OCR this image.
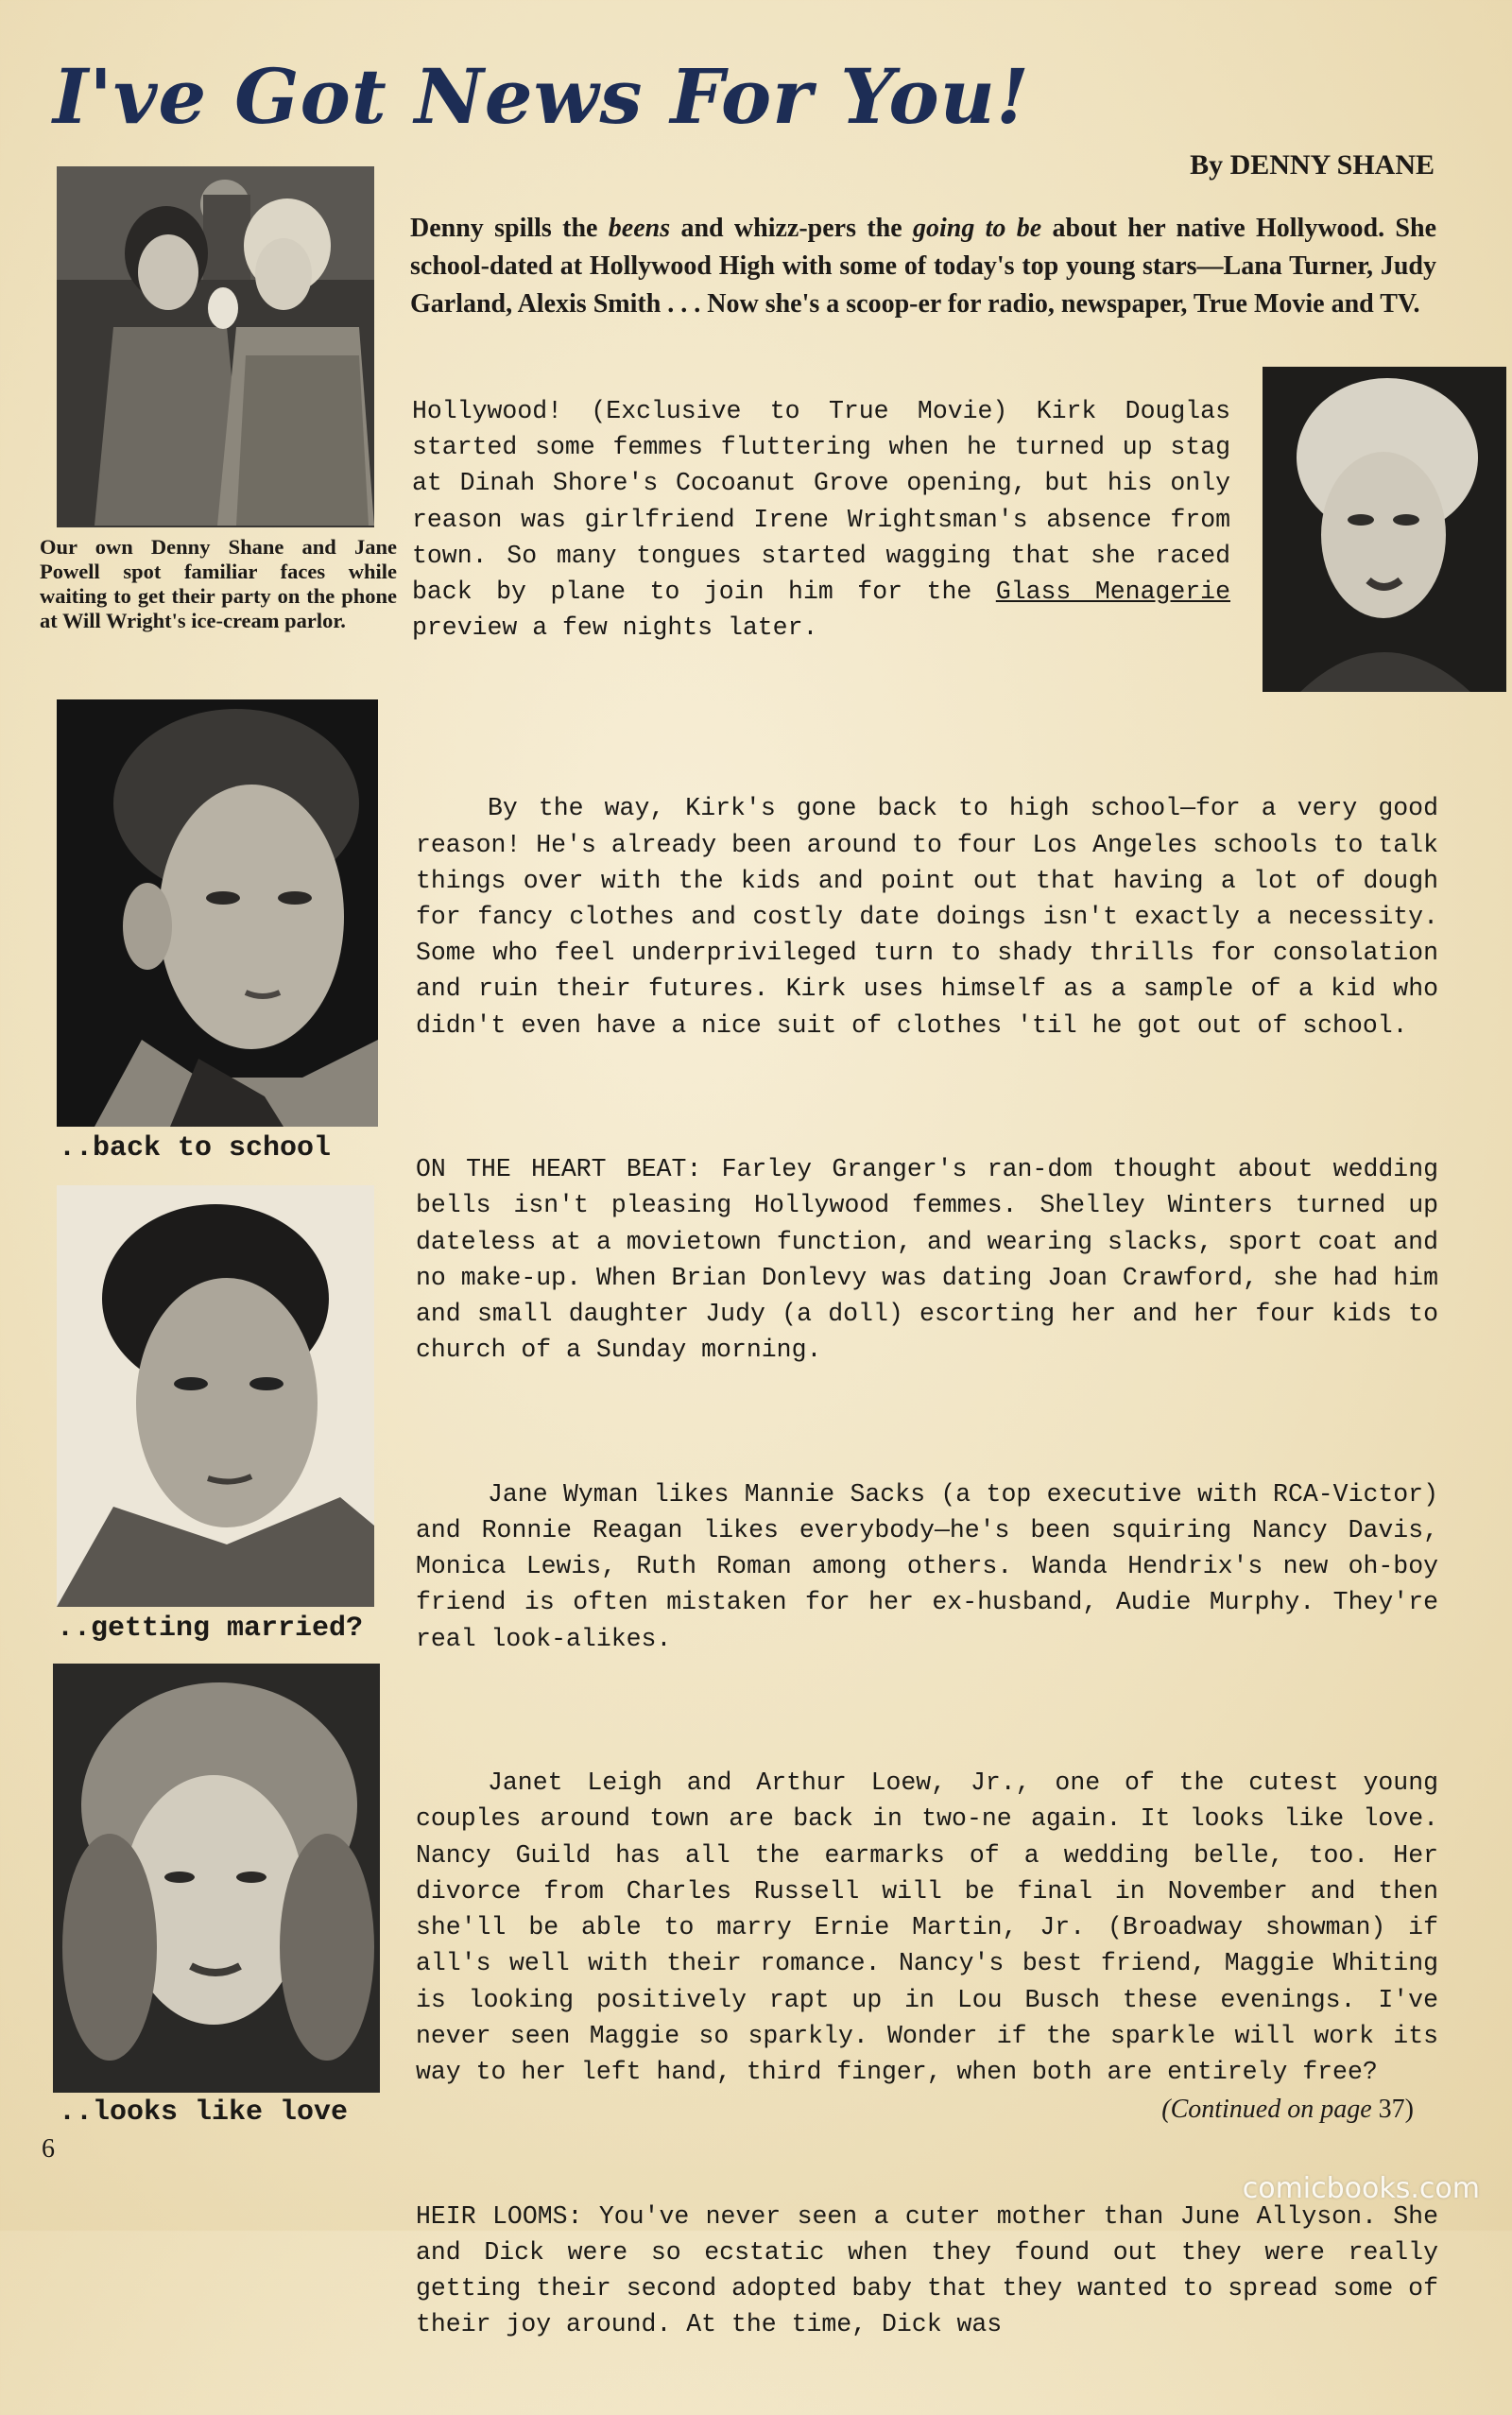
I've Got News For You!
By DENNY SHANE

Our own Denny Shane and Jane Powell spot familiar faces while waiting to get their party on the phone at Will Wright's ice-cream parlor.

Denny spills the beens and whizz-pers the going to be about her native Hollywood. She school-dated at Hollywood High with some of today's top young stars—Lana Turner, Judy Garland, Alexis Smith . . . Now she's a scoop-er for radio, newspaper, True Movie and TV.

Hollywood! (Exclusive to True Movie) Kirk Douglas started some femmes fluttering when he turned up stag at Dinah Shore's Cocoanut Grove opening, but his only reason was girlfriend Irene Wrightsman's absence from town. So many tongues started wagging that she raced back by plane to join him for the Glass Menagerie preview a few nights later.

..back to school
..getting married?
..looks like love

By the way, Kirk's gone back to high school—for a very good reason! He's already been around to four Los Angeles schools to talk things over with the kids and point out that having a lot of dough for fancy clothes and costly date doings isn't exactly a necessity. Some who feel underprivileged turn to shady thrills for consolation and ruin their futures. Kirk uses himself as a sample of a kid who didn't even have a nice suit of clothes 'til he got out of school.

ON THE HEART BEAT: Farley Granger's ran-dom thought about wedding bells isn't pleasing Hollywood femmes. Shelley Winters turned up dateless at a movietown function, and wearing slacks, sport coat and no make-up. When Brian Donlevy was dating Joan Crawford, she had him and small daughter Judy (a doll) escorting her and her four kids to church of a Sunday morning.

Jane Wyman likes Mannie Sacks (a top executive with RCA-Victor) and Ronnie Reagan likes everybody—he's been squiring Nancy Davis, Monica Lewis, Ruth Roman among others. Wanda Hendrix's new oh-boy friend is often mistaken for her ex-husband, Audie Murphy. They're real look-alikes.

Janet Leigh and Arthur Loew, Jr., one of the cutest young couples around town are back in two-ne again. It looks like love. Nancy Guild has all the earmarks of a wedding belle, too. Her divorce from Charles Russell will be final in November and then she'll be able to marry Ernie Martin, Jr. (Broadway showman) if all's well with their romance. Nancy's best friend, Maggie Whiting is looking positively rapt up in Lou Busch these evenings. I've never seen Maggie so sparkly. Wonder if the sparkle will work its way to her left hand, third finger, when both are entirely free?

HEIR LOOMS: You've never seen a cuter mother than June Allyson. She and Dick were so ecstatic when they found out they were really getting their second adopted baby that they wanted to spread some of their joy around. At the time, Dick was

(Continued on page 37)
6
comicbooks.com
